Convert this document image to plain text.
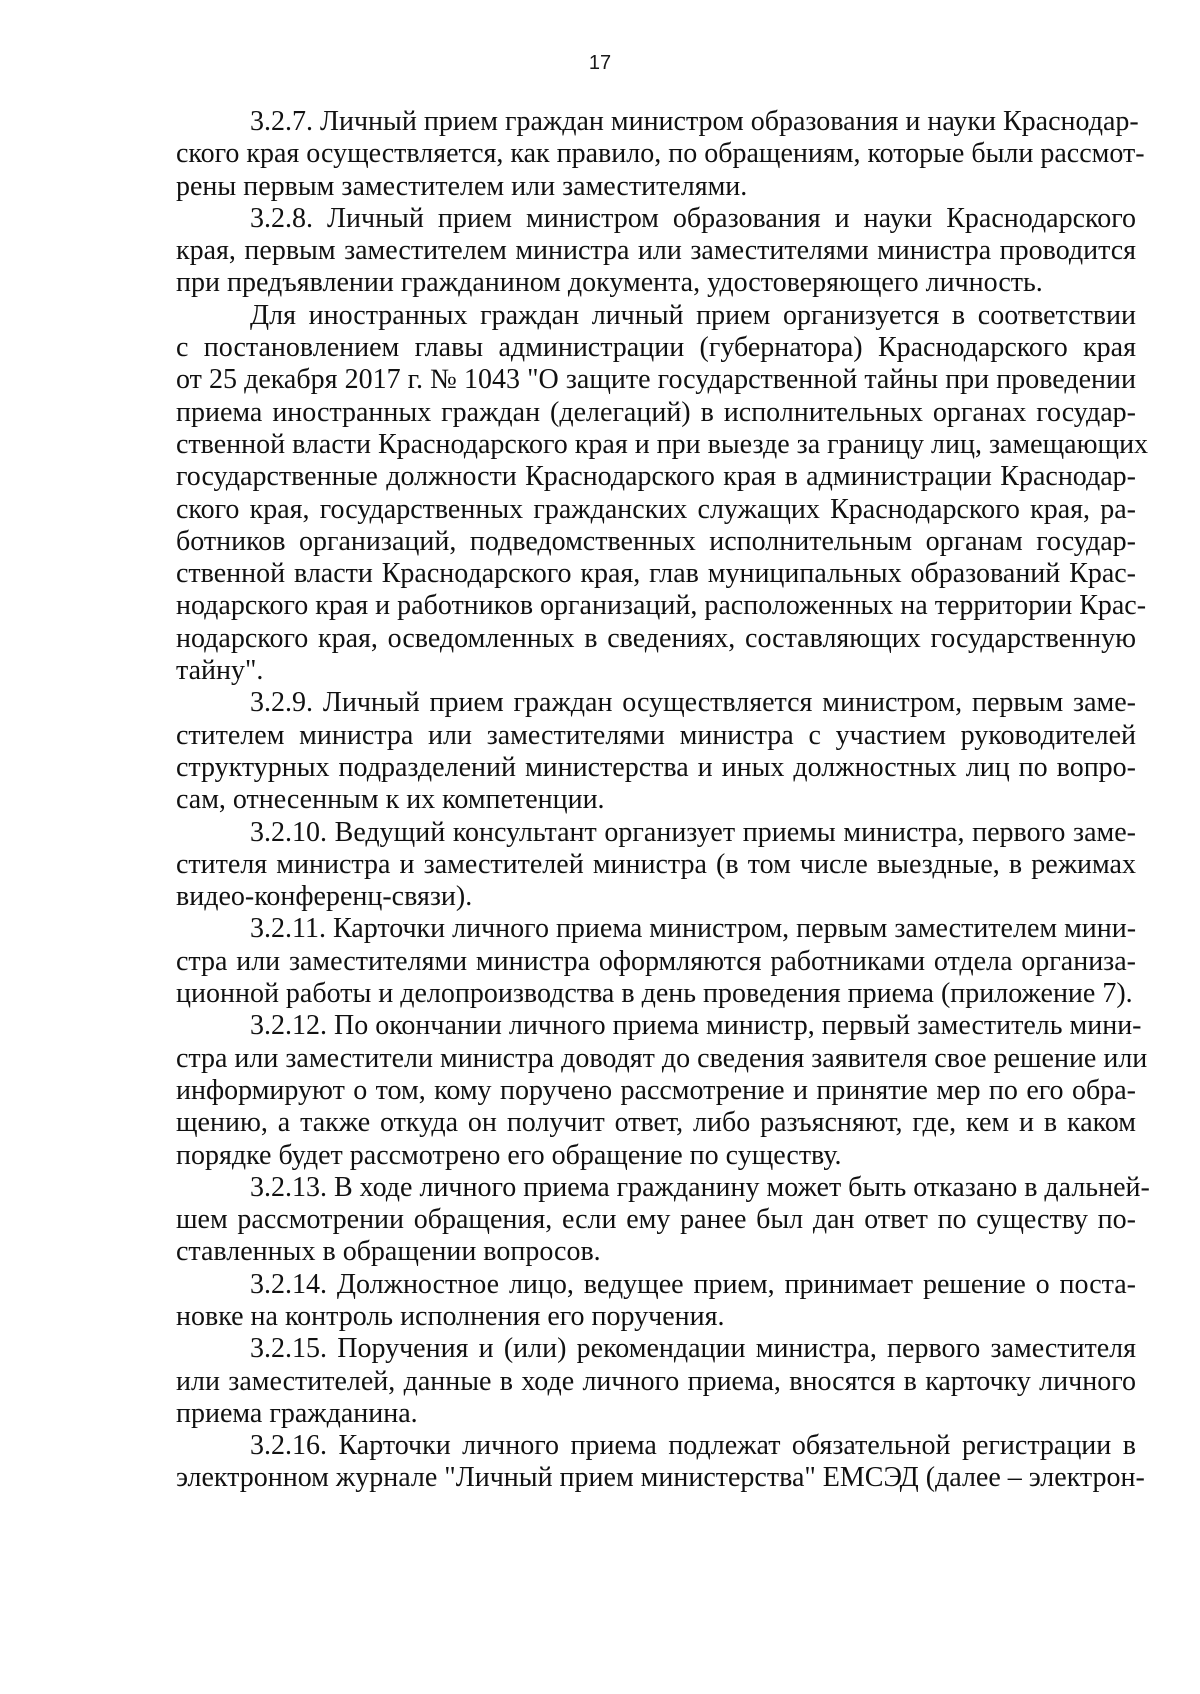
17
3.2.7. Личный прием граждан министром образования и науки Краснодар-
ского края осуществляется, как правило, по обращениям, которые были рассмот-
рены первым заместителем или заместителями.
3.2.8. Личный прием министром образования и науки Краснодарского
края, первым заместителем министра или заместителями министра проводится
при предъявлении гражданином документа, удостоверяющего личность.
Для иностранных граждан личный прием организуется в соответствии
с постановлением главы администрации (губернатора) Краснодарского края
от 25 декабря 2017 г. № 1043 "О защите государственной тайны при проведении
приема иностранных граждан (делегаций) в исполнительных органах государ-
ственной власти Краснодарского края и при выезде за границу лиц, замещающих
государственные должности Краснодарского края в администрации Краснодар-
ского края, государственных гражданских служащих Краснодарского края, ра-
ботников организаций, подведомственных исполнительным органам государ-
ственной власти Краснодарского края, глав муниципальных образований Крас-
нодарского края и работников организаций, расположенных на территории Крас-
нодарского края, осведомленных в сведениях, составляющих государственную
тайну".
3.2.9. Личный прием граждан осуществляется министром, первым замe-
стителем министра или заместителями министра с участием руководителей
структурных подразделений министерства и иных должностных лиц по вопро-
сам, отнесенным к их компетенции.
3.2.10. Ведущий консультант организует приемы министра, первого заме-
стителя министра и заместителей министра (в том числе выездные, в режимах
видео-конференц-связи).
3.2.11. Карточки личного приема министром, первым заместителем мини-
стра или заместителями министра оформляются работниками отдела организа-
ционной работы и делопроизводства в день проведения приема (приложение 7).
3.2.12. По окончании личного приема министр, первый заместитель мини-
стра или заместители министра доводят до сведения заявителя свое решение или
информируют о том, кому поручено рассмотрение и принятие мер по его обра-
щению, а также откуда он получит ответ, либо разъясняют, где, кем и в каком
порядке будет рассмотрено его обращение по существу.
3.2.13. В ходе личного приема гражданину может быть отказано в дальней-
шем рассмотрении обращения, если ему ранее был дан ответ по существу по-
ставленных в обращении вопросов.
3.2.14. Должностное лицо, ведущее прием, принимает решение о поста-
новке на контроль исполнения его поручения.
3.2.15. Поручения и (или) рекомендации министра, первого заместителя
или заместителей, данные в ходе личного приема, вносятся в карточку личного
приема гражданина.
3.2.16. Карточки личного приема подлежат обязательной регистрации в
электронном журнале "Личный прием министерства" ЕМСЭД (далее – электрон-
